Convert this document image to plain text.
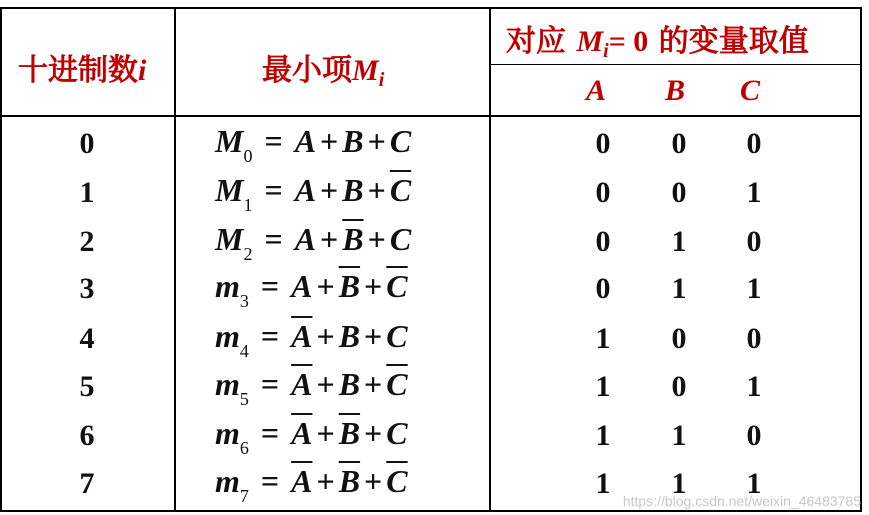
十进制数i	最小项$M_i$
对应 $M_i= 0$ 的变量取值
A B C
0	$M_0 = A + B + C$	0	0	0
1	$M_1 = A + B + \overline{C}$	0	0	1
2	$M_2 = A + \overline{B} + C$	0	1	0
3	$m_3 = A + \overline{B} + \overline{C}$	0	1	1
4	$m_4 = \overline{A} + B + C$	1	0	0
5	$m_5 = \overline{A} + B + \overline{C}$	1	0	1
6	$m_6 = \overline{A} + \overline{B} + C$	1	1	0
7	$m_7 = \overline{A} + \overline{B} + \overline{C}$	1	1	1
https://blog.csdn.net/weixin_46483785
